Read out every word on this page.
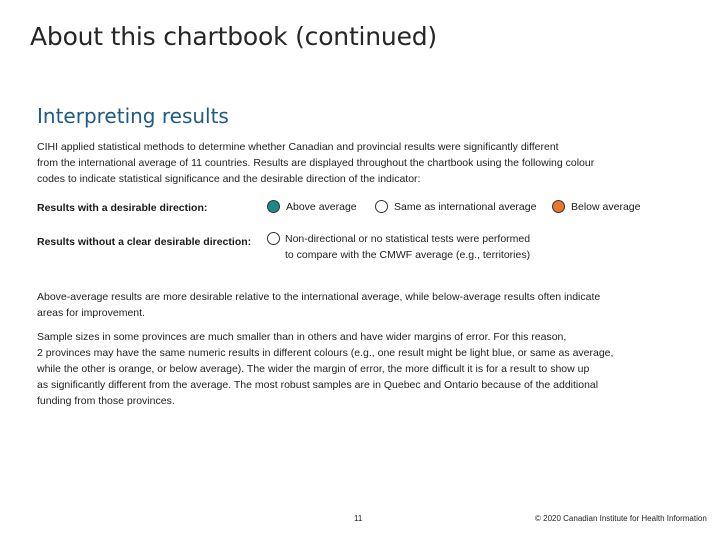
About this chartbook (continued)
Interpreting results
CIHI applied statistical methods to determine whether Canadian and provincial results were significantly different
from the international average of 11 countries. Results are displayed throughout the chartbook using the following colour
codes to indicate statistical significance and the desirable direction of the indicator:
Results with a desirable direction:	Above average	Same as international average	Below average
Results without a clear desirable direction:	Non-directional or no statistical tests were performed
to compare with the CMWF average (e.g., territories)
Above-average results are more desirable relative to the international average, while below-average results often indicate
areas for improvement.
Sample sizes in some provinces are much smaller than in others and have wider margins of error. For this reason,
2 provinces may have the same numeric results in different colours (e.g., one result might be light blue, or same as average,
while the other is orange, or below average). The wider the margin of error, the more difficult it is for a result to show up
as significantly different from the average. The most robust samples are in Quebec and Ontario because of the additional
funding from those provinces.
11	© 2020 Canadian Institute for Health Information
